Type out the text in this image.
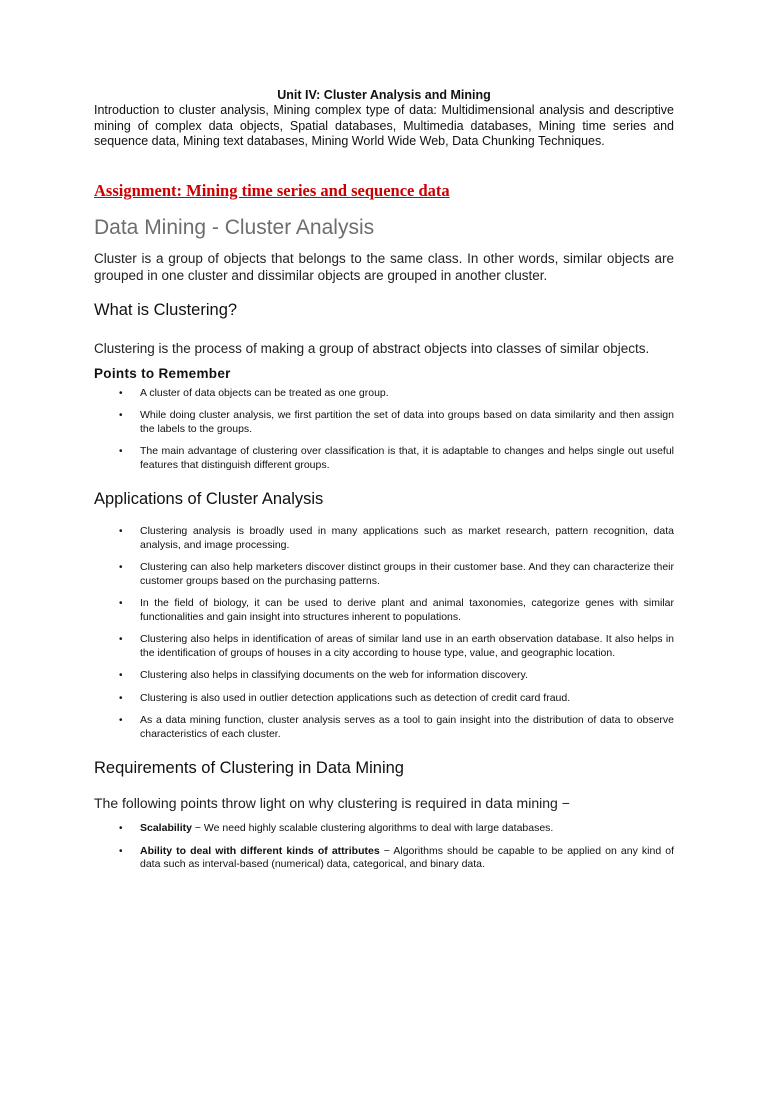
Unit IV: Cluster Analysis and Mining

Introduction to cluster analysis, Mining complex type of data: Multidimensional analysis and descriptive mining of complex data objects, Spatial databases, Multimedia databases, Mining time series and sequence data, Mining text databases, Mining World Wide Web, Data Chunking Techniques.

Assignment: Mining time series and sequence data
Data Mining - Cluster Analysis

Cluster is a group of objects that belongs to the same class. In other words, similar objects are grouped in one cluster and dissimilar objects are grouped in another cluster.

What is Clustering?

Clustering is the process of making a group of abstract objects into classes of similar objects.

Points to Remember
• A cluster of data objects can be treated as one group.
• While doing cluster analysis, we first partition the set of data into groups based on data similarity and then assign the labels to the groups.
• The main advantage of clustering over classification is that, it is adaptable to changes and helps single out useful features that distinguish different groups.
Applications of Cluster Analysis
• Clustering analysis is broadly used in many applications such as market research, pattern recognition, data analysis, and image processing.
• Clustering can also help marketers discover distinct groups in their customer base. And they can characterize their customer groups based on the purchasing patterns.
• In the field of biology, it can be used to derive plant and animal taxonomies, categorize genes with similar functionalities and gain insight into structures inherent to populations.
• Clustering also helps in identification of areas of similar land use in an earth observation database. It also helps in the identification of groups of houses in a city according to house type, value, and geographic location.
• Clustering also helps in classifying documents on the web for information discovery.
• Clustering is also used in outlier detection applications such as detection of credit card fraud.
• As a data mining function, cluster analysis serves as a tool to gain insight into the distribution of data to observe characteristics of each cluster.
Requirements of Clustering in Data Mining

The following points throw light on why clustering is required in data mining −

• Scalability − We need highly scalable clustering algorithms to deal with large databases.
• Ability to deal with different kinds of attributes − Algorithms should be capable to be applied on any kind of data such as interval-based (numerical) data, categorical, and binary data.
